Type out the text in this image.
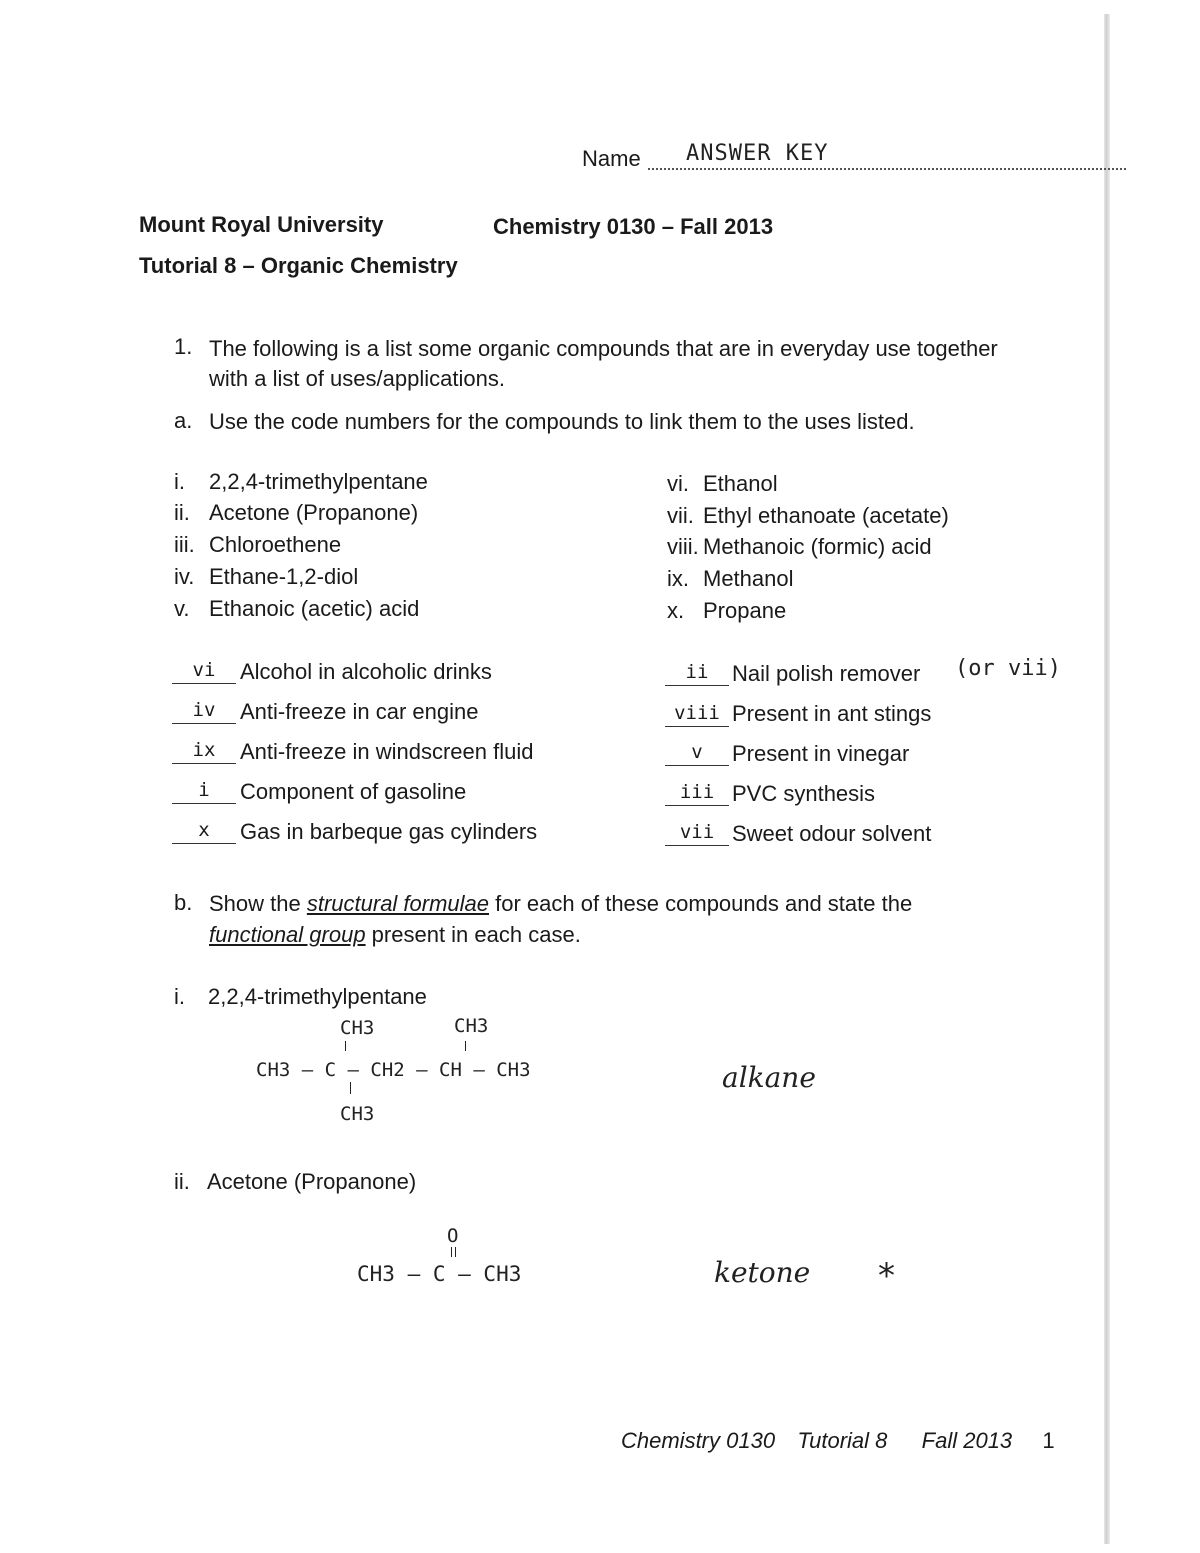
Name ANSWER KEY
Mount Royal University	Chemistry 0130 – Fall 2013
Tutorial 8 – Organic Chemistry
1. The following is a list some organic compounds that are in everyday use together
with a list of uses/applications.
a. Use the code numbers for the compounds to link them to the uses listed.
i. 2,2,4-trimethylpentane
ii. Acetone (Propanone)
iii. Chloroethene
iv. Ethane-1,2-diol
v. Ethanoic (acetic) acid
vi. Ethanol
vii. Ethyl ethanoate (acetate)
viii. Methanoic (formic) acid
ix. Methanol
x. Propane
vi	Alcohol in alcoholic drinks
iv	Anti-freeze in car engine
ix	Anti-freeze in windscreen fluid
i	Component of gasoline
x	Gas in barbeque gas cylinders
ii	Nail polish remover (or vii)
viii Present in ant stings
v	Present in vinegar
iii PVC synthesis
vii Sweet odour solvent
b. Show the structural formulae for each of these compounds and state the
functional group present in each case.
i. 2,2,4-trimethylpentane
CH3	CH3
CH3 – C – CH2 – CH – CH3
CH3
alkane
ii. Acetone (Propanone)
O
CH3 – C – CH3	ketone *
Chemistry 0130 Tutorial 8 Fall 2013 1
